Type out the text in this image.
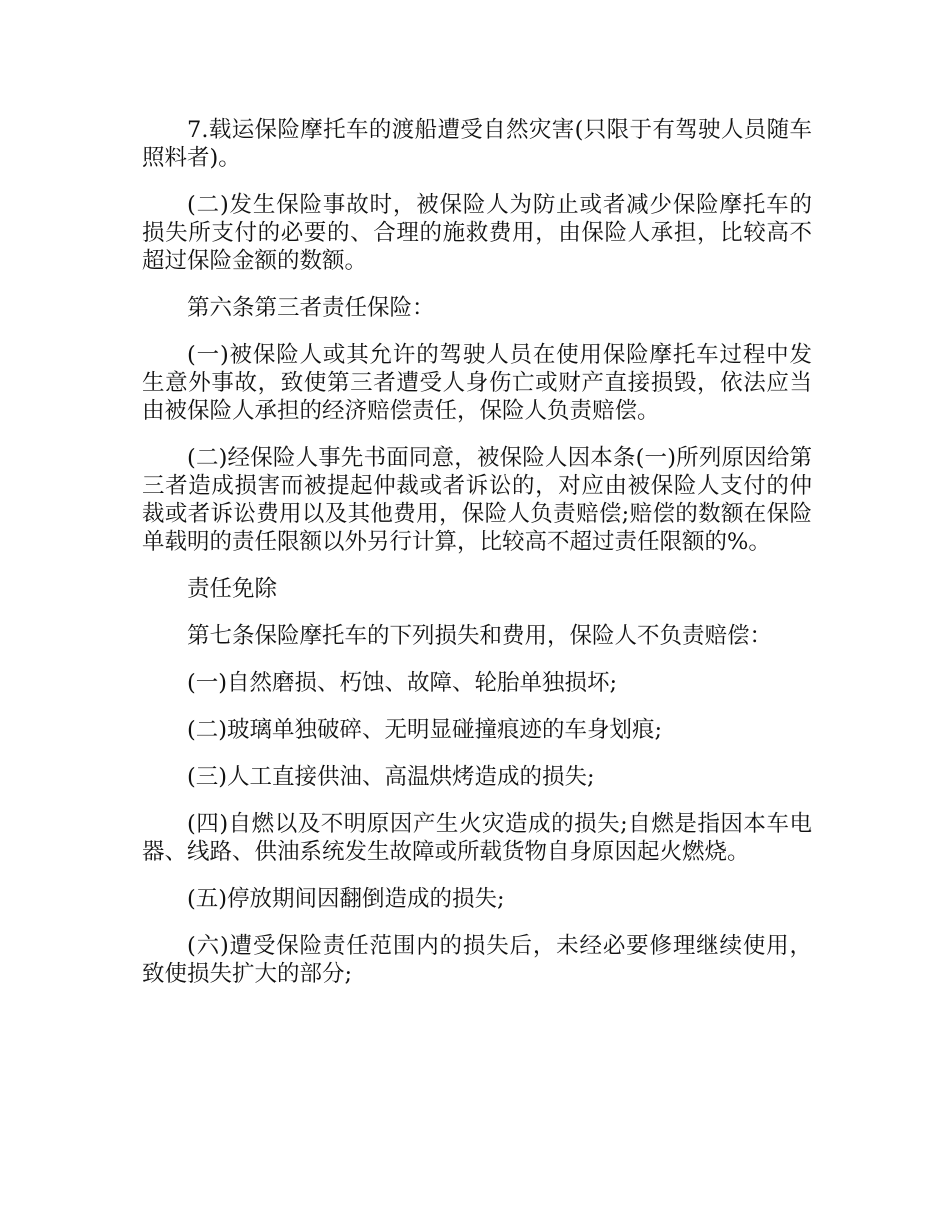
7.载运保险摩托车的渡船遭受自然灾害(只限于有驾驶人员随车照料者)。

(二)发生保险事故时，被保险人为防止或者减少保险摩托车的损失所支付的必要的、合理的施救费用，由保险人承担，比较高不超过保险金额的数额。

第六条第三者责任保险：

(一)被保险人或其允许的驾驶人员在使用保险摩托车过程中发生意外事故，致使第三者遭受人身伤亡或财产直接损毁，依法应当由被保险人承担的经济赔偿责任，保险人负责赔偿。

(二)经保险人事先书面同意，被保险人因本条(一)所列原因给第三者造成损害而被提起仲裁或者诉讼的，对应由被保险人支付的仲裁或者诉讼费用以及其他费用，保险人负责赔偿;赔偿的数额在保险单载明的责任限额以外另行计算，比较高不超过责任限额的%。

责任免除

第七条保险摩托车的下列损失和费用，保险人不负责赔偿：

(一)自然磨损、朽蚀、故障、轮胎单独损坏;

(二)玻璃单独破碎、无明显碰撞痕迹的车身划痕;

(三)人工直接供油、高温烘烤造成的损失;

(四)自燃以及不明原因产生火灾造成的损失;自燃是指因本车电器、线路、供油系统发生故障或所载货物自身原因起火燃烧。

(五)停放期间因翻倒造成的损失;

(六)遭受保险责任范围内的损失后，未经必要修理继续使用，致使损失扩大的部分;
